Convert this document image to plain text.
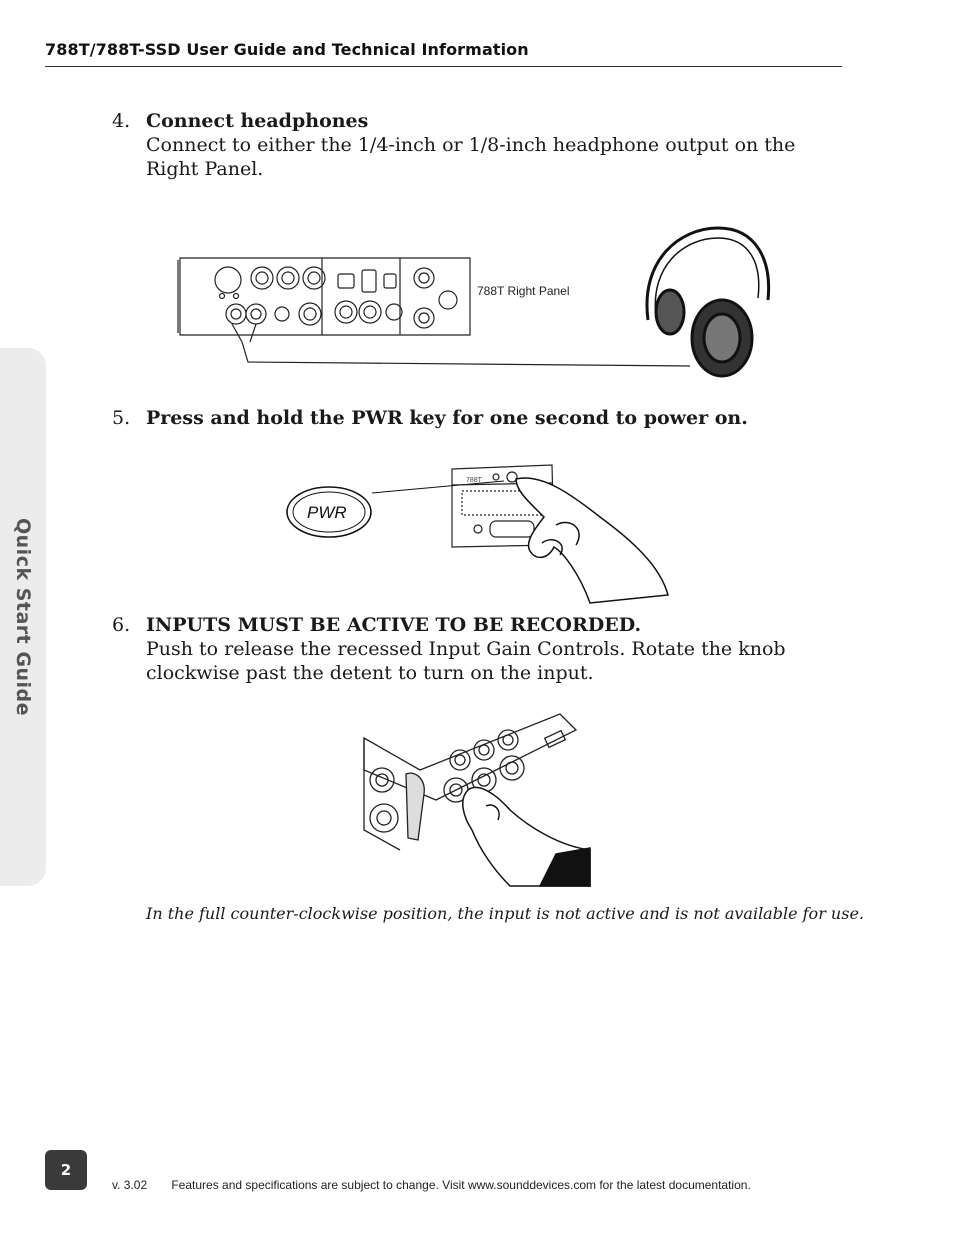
788T/788T-SSD User Guide and Technical Information
Quick Start Guide
4. Connect headphones
Connect to either the 1/4-inch or 1/8-inch headphone output on the Right Panel.
788T Right Panel
5. Press and hold the PWR key for one second to power on.
PWR
788T
6. INPUTS MUST BE ACTIVE TO BE RECORDED.
Push to release the recessed Input Gain Controls. Rotate the knob clockwise past the detent to turn on the input.
In the full counter-clockwise position, the input is not active and is not available for use.
2
v. 3.02 Features and specifications are subject to change. Visit www.sounddevices.com for the latest documentation.
